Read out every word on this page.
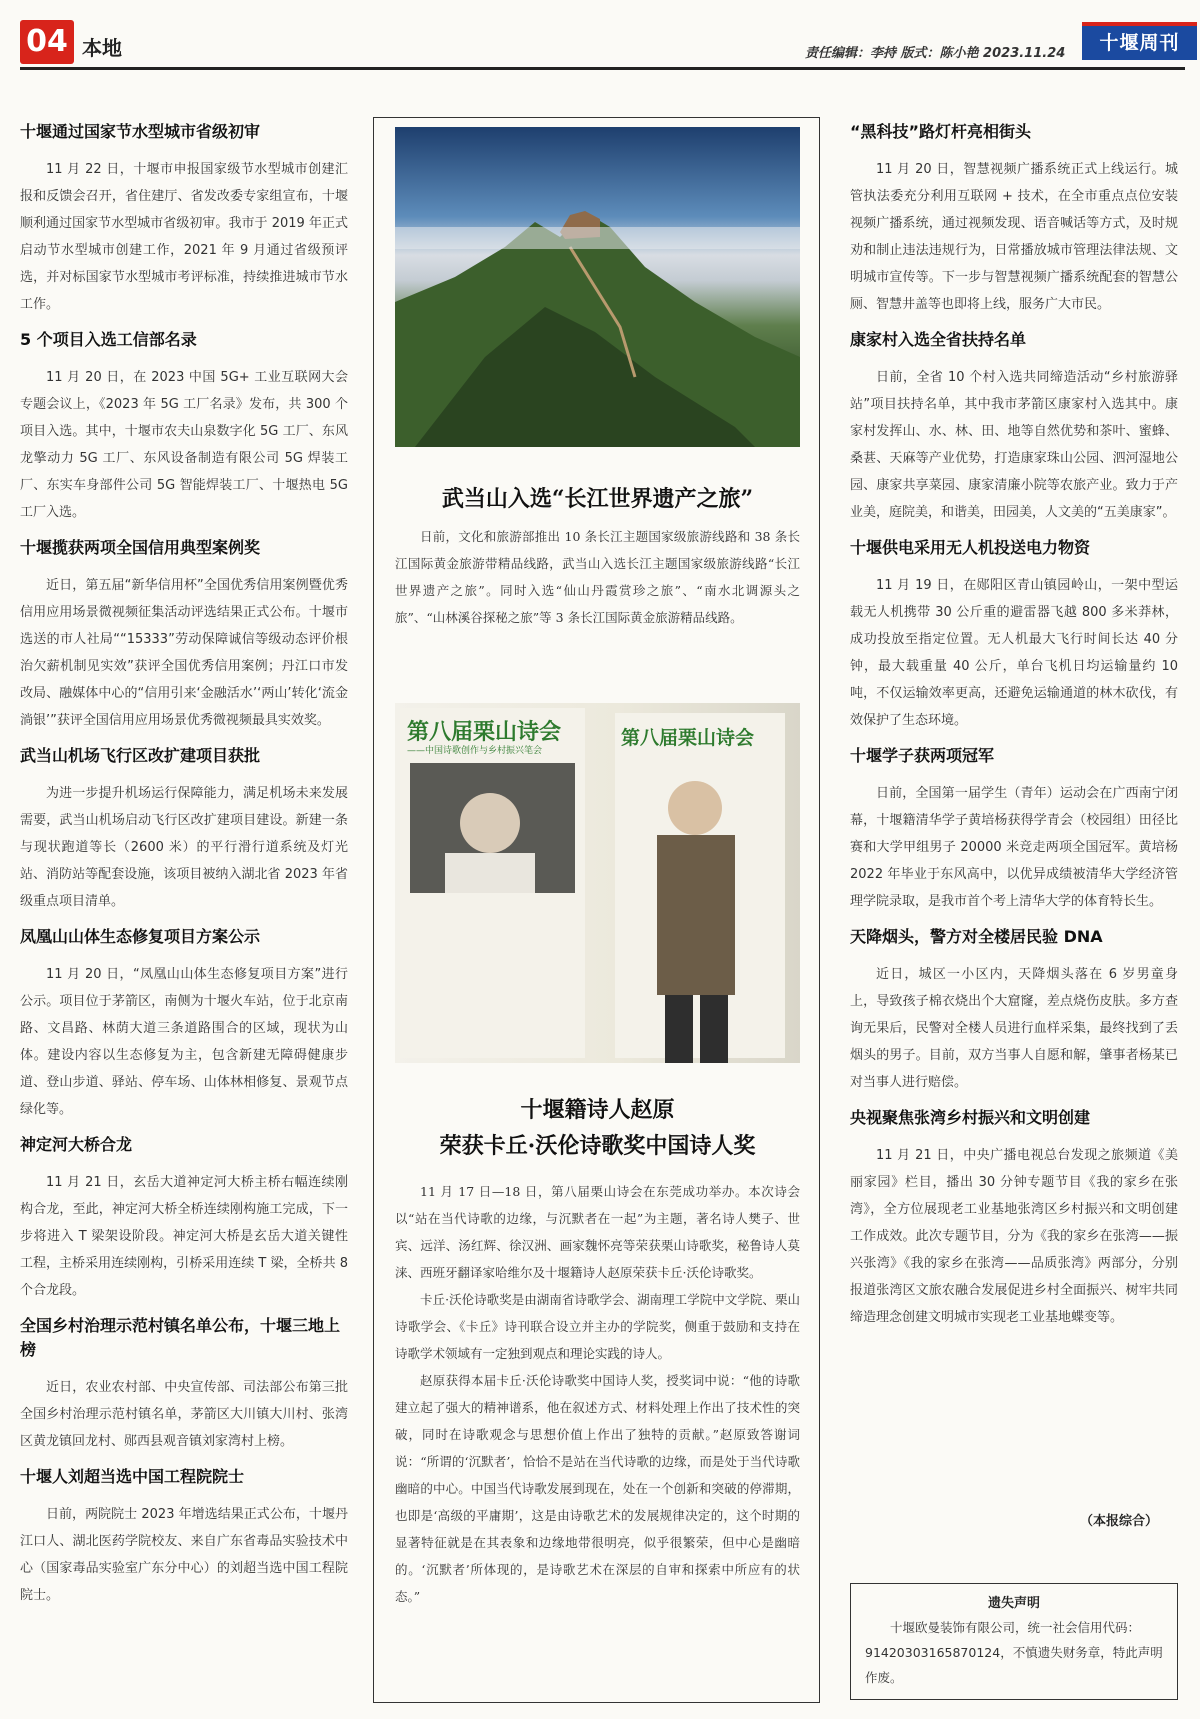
04 本地	责任编辑：李持 版式：陈小艳 2023.11.24	十堰周刊
十堰通过国家节水型城市省级初审

11 月 22 日，十堰市申报国家级节水型城市创建汇报和反馈会召开，省住建厅、省发改委专家组宣布，十堰顺利通过国家节水型城市省级初审。我市于 2019 年正式启动节水型城市创建工作，2021 年 9 月通过省级预评选，并对标国家节水型城市考评标准，持续推进城市节水工作。

5 个项目入选工信部名录

11 月 20 日，在 2023 中国 5G+ 工业互联网大会专题会议上，《2023 年 5G 工厂名录》发布，共 300 个项目入选。其中，十堰市农夫山泉数字化 5G 工厂、东风龙擎动力 5G 工厂、东风设备制造有限公司 5G 焊装工厂、东实车身部件公司 5G 智能焊装工厂、十堰热电 5G 工厂入选。

十堰揽获两项全国信用典型案例奖

近日，第五届“新华信用杯”全国优秀信用案例暨优秀信用应用场景微视频征集活动评选结果正式公布。十堰市选送的市人社局““15333”劳动保障诚信等级动态评价根治欠薪机制见实效”获评全国优秀信用案例；丹江口市发改局、融媒体中心的“信用引来‘金融活水’‘两山’转化‘流金淌银’”获评全国信用应用场景优秀微视频最具实效奖。

武当山机场飞行区改扩建项目获批

为进一步提升机场运行保障能力，满足机场未来发展需要，武当山机场启动飞行区改扩建项目建设。新建一条与现状跑道等长（2600 米）的平行滑行道系统及灯光站、消防站等配套设施，该项目被纳入湖北省 2023 年省级重点项目清单。

凤凰山山体生态修复项目方案公示

11 月 20 日，“凤凰山山体生态修复项目方案”进行公示。项目位于茅箭区，南侧为十堰火车站，位于北京南路、文昌路、林荫大道三条道路围合的区域，现状为山体。建设内容以生态修复为主，包含新建无障碍健康步道、登山步道、驿站、停车场、山体林相修复、景观节点绿化等。

神定河大桥合龙

11 月 21 日，玄岳大道神定河大桥主桥右幅连续刚构合龙，至此，神定河大桥全桥连续刚构施工完成，下一步将进入 T 梁架设阶段。神定河大桥是玄岳大道关键性工程，主桥采用连续刚构，引桥采用连续 T 梁，全桥共 8 个合龙段。

全国乡村治理示范村镇名单公布，十堰三地上榜

近日，农业农村部、中央宣传部、司法部公布第三批全国乡村治理示范村镇名单，茅箭区大川镇大川村、张湾区黄龙镇回龙村、郧西县观音镇刘家湾村上榜。

十堰人刘超当选中国工程院院士

日前，两院院士 2023 年增选结果正式公布，十堰丹江口人、湖北医药学院校友、来自广东省毒品实验技术中心（国家毒品实验室广东分中心）的刘超当选中国工程院院士。

武当山入选“长江世界遗产之旅”

日前，文化和旅游部推出 10 条长江主题国家级旅游线路和 38 条长江国际黄金旅游带精品线路，武当山入选长江主题国家级旅游线路“长江世界遗产之旅”。同时入选“仙山丹霞赏珍之旅”、“南水北调源头之旅”、“山林溪谷探秘之旅”等 3 条长江国际黄金旅游精品线路。

第八届栗山诗会
——中国诗歌创作与乡村振兴笔会
第八届栗山诗会
十堰籍诗人赵原
荣获卡丘·沃伦诗歌奖中国诗人奖

11 月 17 日—18 日，第八届栗山诗会在东莞成功举办。本次诗会以“站在当代诗歌的边缘，与沉默者在一起”为主题，著名诗人樊子、世宾、远洋、汤红辉、徐汉洲、画家魏怀亮等荣获栗山诗歌奖，秘鲁诗人莫涞、西班牙翻译家哈维尔及十堰籍诗人赵原荣获卡丘·沃伦诗歌奖。

卡丘·沃伦诗歌奖是由湖南省诗歌学会、湖南理工学院中文学院、栗山诗歌学会、《卡丘》诗刊联合设立并主办的学院奖，侧重于鼓励和支持在诗歌学术领域有一定独到观点和理论实践的诗人。

赵原获得本届卡丘·沃伦诗歌奖中国诗人奖，授奖词中说：“他的诗歌建立起了强大的精神谱系，他在叙述方式、材料处理上作出了技术性的突破，同时在诗歌观念与思想价值上作出了独特的贡献。”赵原致答谢词说：“所谓的‘沉默者’，恰恰不是站在当代诗歌的边缘，而是处于当代诗歌幽暗的中心。中国当代诗歌发展到现在，处在一个创新和突破的停滞期，也即是‘高级的平庸期’，这是由诗歌艺术的发展规律决定的，这个时期的显著特征就是在其表象和边缘地带很明亮，似乎很繁荣，但中心是幽暗的。‘沉默者’所体现的，是诗歌艺术在深层的自审和探索中所应有的状态。”

“黑科技”路灯杆亮相街头

11 月 20 日，智慧视频广播系统正式上线运行。城管执法委充分利用互联网 + 技术，在全市重点点位安装视频广播系统，通过视频发现、语音喊话等方式，及时规劝和制止违法违规行为，日常播放城市管理法律法规、文明城市宣传等。下一步与智慧视频广播系统配套的智慧公厕、智慧井盖等也即将上线，服务广大市民。

康家村入选全省扶持名单

日前，全省 10 个村入选共同缔造活动“乡村旅游驿站”项目扶持名单，其中我市茅箭区康家村入选其中。康家村发挥山、水、林、田、地等自然优势和茶叶、蜜蜂、桑葚、天麻等产业优势，打造康家珠山公园、泗河湿地公园、康家共享菜园、康家清廉小院等农旅产业。致力于产业美，庭院美，和谐美，田园美，人文美的“五美康家”。

十堰供电采用无人机投送电力物资

11 月 19 日，在郧阳区青山镇园岭山，一架中型运载无人机携带 30 公斤重的避雷器飞越 800 多米莽林，成功投放至指定位置。无人机最大飞行时间长达 40 分钟，最大载重量 40 公斤，单台飞机日均运输量约 10 吨，不仅运输效率更高，还避免运输通道的林木砍伐，有效保护了生态环境。

十堰学子获两项冠军

日前，全国第一届学生（青年）运动会在广西南宁闭幕，十堰籍清华学子黄培杨获得学青会（校园组）田径比赛和大学甲组男子 20000 米竞走两项全国冠军。黄培杨 2022 年毕业于东风高中，以优异成绩被清华大学经济管理学院录取，是我市首个考上清华大学的体育特长生。

天降烟头，警方对全楼居民验 DNA

近日，城区一小区内，天降烟头落在 6 岁男童身上，导致孩子棉衣烧出个大窟窿，差点烧伤皮肤。多方查询无果后，民警对全楼人员进行血样采集，最终找到了丢烟头的男子。目前，双方当事人自愿和解，肇事者杨某已对当事人进行赔偿。

央视聚焦张湾乡村振兴和文明创建

11 月 21 日，中央广播电视总台发现之旅频道《美丽家园》栏目，播出 30 分钟专题节目《我的家乡在张湾》，全方位展现老工业基地张湾区乡村振兴和文明创建工作成效。此次专题节目，分为《我的家乡在张湾——振兴张湾》《我的家乡在张湾——品质张湾》两部分，分别报道张湾区文旅农融合发展促进乡村全面振兴、树牢共同缔造理念创建文明城市实现老工业基地蝶变等。

（本报综合）
遗失声明

十堰欧曼装饰有限公司，统一社会信用代码：91420303165870124，不慎遗失财务章，特此声明作废。
